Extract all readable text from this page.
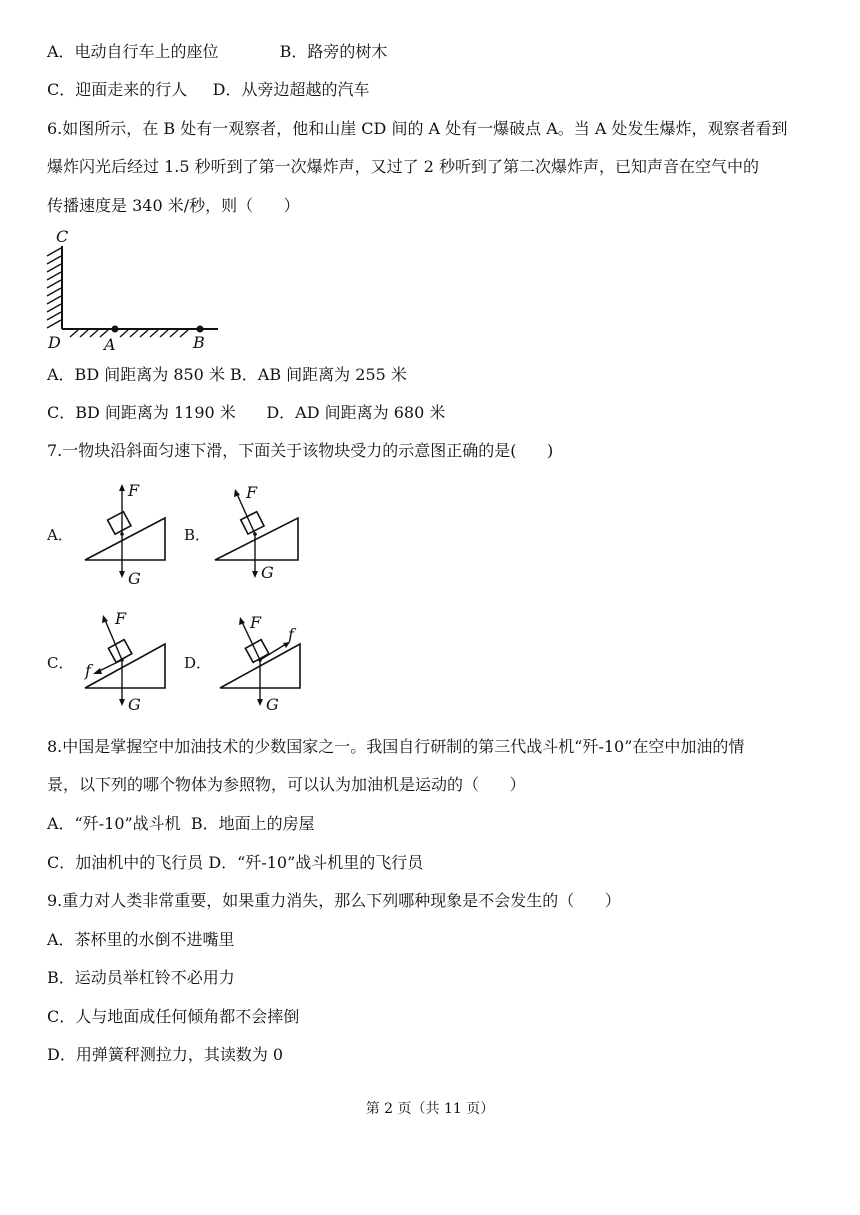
A．电动自行车上的座位            B．路旁的树木
C．迎面走来的行人     D．从旁边超越的汽车
6.如图所示，在 B 处有一观察者，他和山崖 CD 间的 A 处有一爆破点 A。当 A 处发生爆炸，观察者看到
爆炸闪光后经过 1.5 秒听到了第一次爆炸声，又过了 2 秒听到了第二次爆炸声，已知声音在空气中的
传播速度是 340 米/秒，则（      ）
C
D	A	B
A．BD 间距离为 850 米 B．AB 间距离为 255 米
C．BD 间距离为 1190 米      D．AD 间距离为 680 米
7.一物块沿斜面匀速下滑，下面关于该物块受力的示意图正确的是(      )
A．	B．
C．	D．
F
G
F
G
F
f
G
F
f
G
8.中国是掌握空中加油技术的少数国家之一。我国自行研制的第三代战斗机“歼-10”在空中加油的情
景，以下列的哪个物体为参照物，可以认为加油机是运动的（      ）
A．“歼-10”战斗机  B．地面上的房屋
C．加油机中的飞行员 D．“歼-10”战斗机里的飞行员
9.重力对人类非常重要，如果重力消失，那么下列哪种现象是不会发生的（      ）
A．茶杯里的水倒不进嘴里
B．运动员举杠铃不必用力
C．人与地面成任何倾角都不会摔倒
D．用弹簧秤测拉力，其读数为 0
第 2 页（共 11 页）
